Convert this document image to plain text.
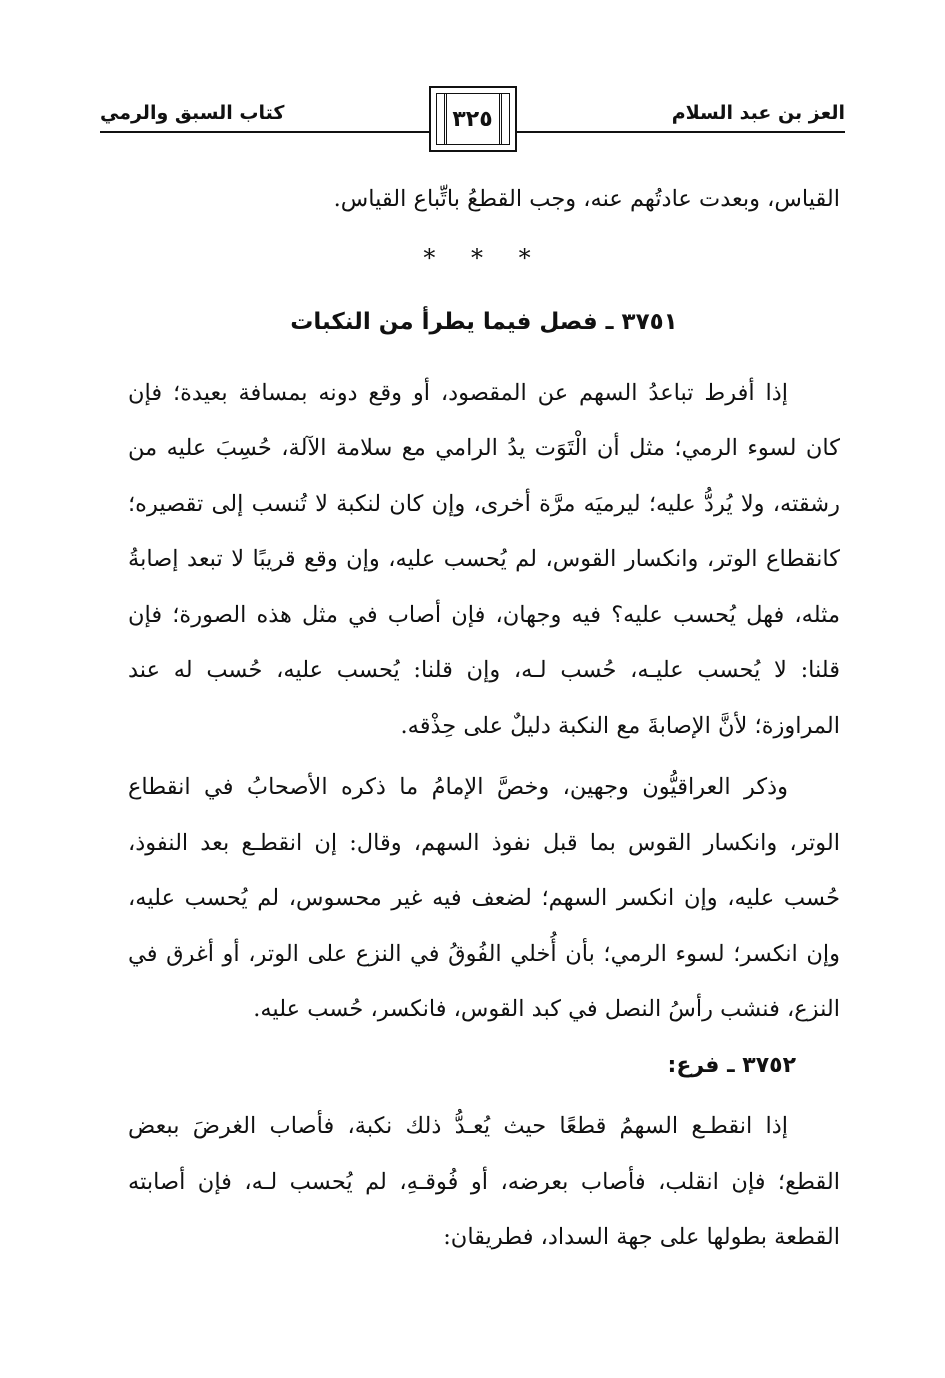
العز بن عبد السلام
كتاب السبق والرمي	٣٢٥

القياس، وبعدت عادتُهم عنه، وجب القطعُ باتِّباع القياس.

* * *
٣٧٥١ ـ فصل فيما يطرأ من النكبات

إذا أفرط تباعدُ السهم عن المقصود، أو وقع دونه بمسافة بعيدة؛ فإن كان لسوء الرمي؛ مثل أن الْتَوَت يدُ الرامي مع سلامة الآلة، حُسِبَ عليه من رشقته، ولا يُردُّ عليه؛ ليرميَه مرَّة أخرى، وإن كان لنكبة لا تُنسب إلى تقصيره؛ كانقطاع الوتر، وانكسار القوس، لم يُحسب عليه، وإن وقع قريبًا لا تبعد إصابةُ مثله، فهل يُحسب عليه؟ فيه وجهان، فإن أصاب في مثل هذه الصورة؛ فإن قلنا: لا يُحسب عليـه، حُسب لـه، وإن قلنا: يُحسب عليه، حُسب له عند المراوزة؛ لأنَّ الإصابةَ مع النكبة دليلٌ على حِذْقه.

وذكر العراقيُّون وجهين، وخصَّ الإمامُ ما ذكره الأصحابُ في انقطاع الوتر، وانكسار القوس بما قبل نفوذ السهم، وقال: إن انقطـع بعد النفوذ، حُسب عليه، وإن انكسر السهم؛ لضعف فيه غير محسوس، لم يُحسب عليه، وإن انكسر؛ لسوء الرمي؛ بأن أُخلي الفُوقُ في النزع على الوتر، أو أغرق في النزع، فنشب رأسُ النصل في كبد القوس، فانكسر، حُسب عليه.

٣٧٥٢ ـ فرع:

إذا انقطـع السهمُ قطعًا حيث يُعـدُّ ذلك نكبة، فأصاب الغرضَ ببعض القطع؛ فإن انقلب، فأصاب بعرضه، أو فُوقـهِ، لم يُحسب لـه، فإن أصابته القطعة بطولها على جهة السداد، فطريقان:
